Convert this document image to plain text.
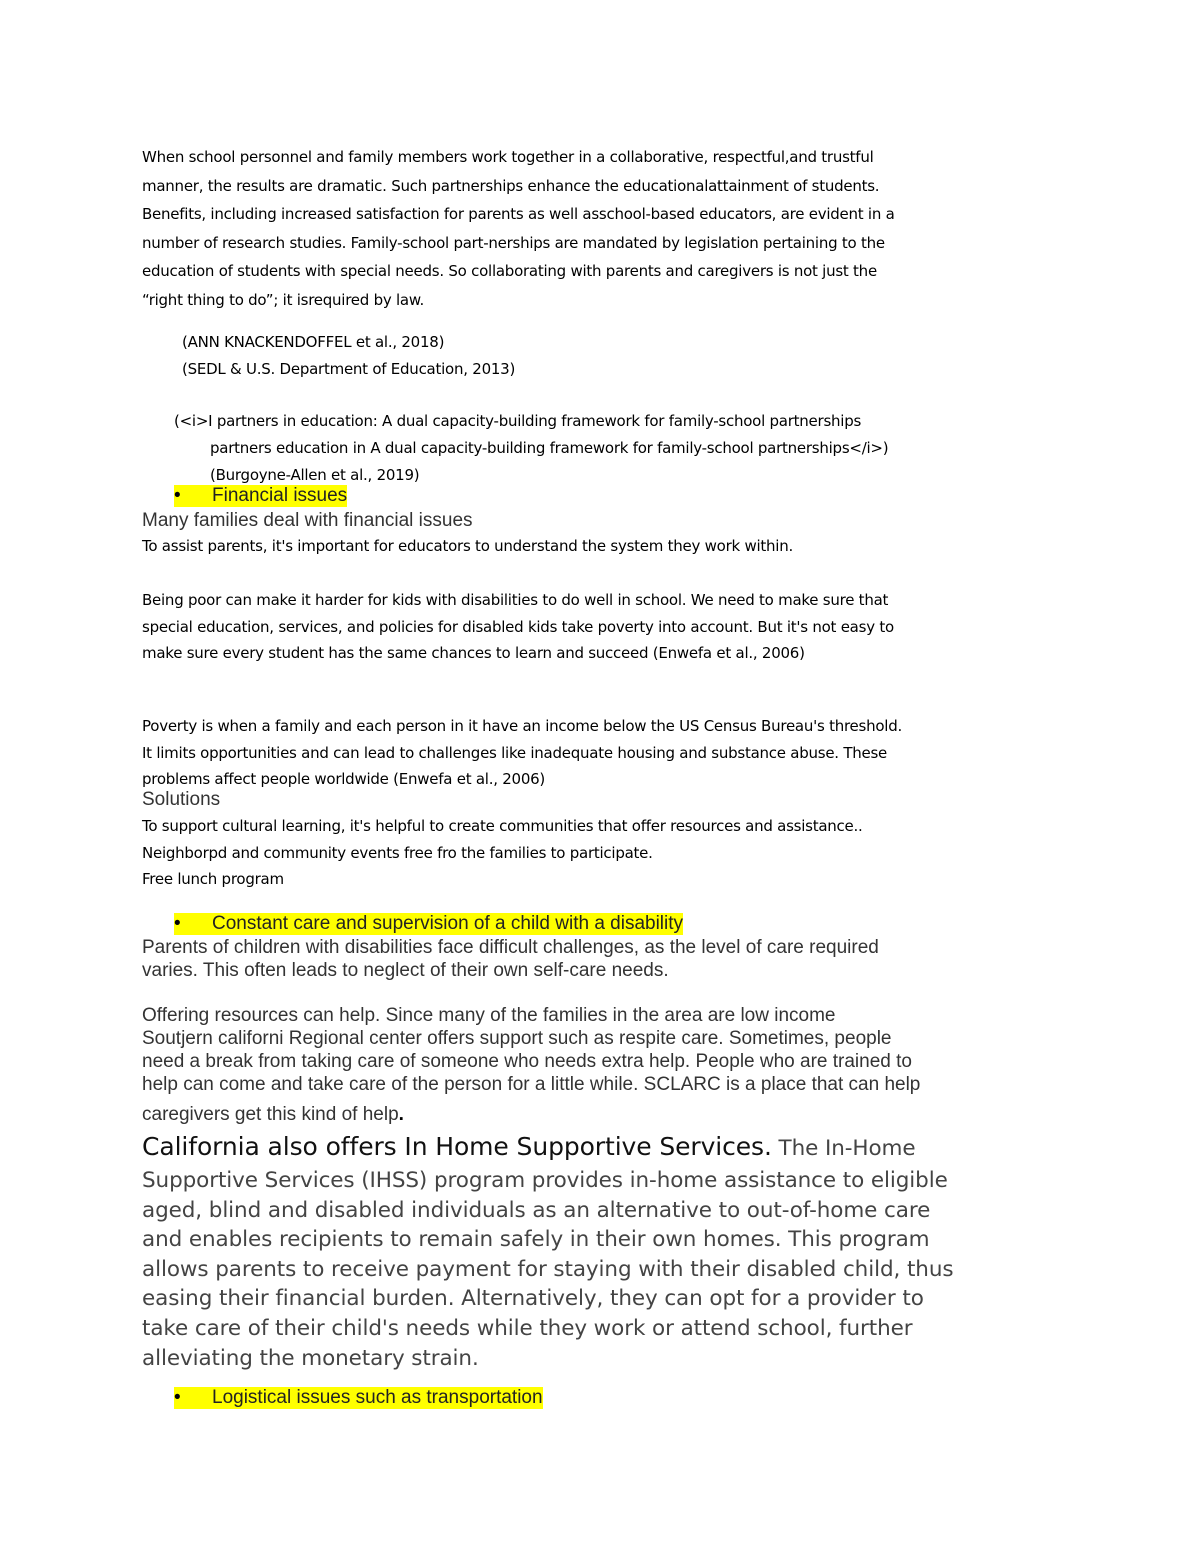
When school personnel and family members work together in a collaborative, respectful,and trustful

manner, the results are dramatic. Such partnerships enhance the educationalattainment of students.

Benefits, including increased satisfaction for parents as well asschool-based educators, are evident in a

number of research studies. Family-school part-nerships are mandated by legislation pertaining to the

education of students with special needs. So collaborating with parents and caregivers is not just the

“right thing to do”; it isrequired by law.

(ANN KNACKENDOFFEL et al., 2018)

(SEDL & U.S. Department of Education, 2013)

(<i>I partners in education: A dual capacity-building framework for family-school partnerships

partners education in A dual capacity-building framework for family-school partnerships</i>)

(Burgoyne-Allen et al., 2019)

•	Financial issues

Many families deal with financial issues

To assist parents, it's important for educators to understand the system they work within.

Being poor can make it harder for kids with disabilities to do well in school. We need to make sure that

special education, services, and policies for disabled kids take poverty into account. But it's not easy to

make sure every student has the same chances to learn and succeed (Enwefa et al., 2006)

Poverty is when a family and each person in it have an income below the US Census Bureau's threshold.

It limits opportunities and can lead to challenges like inadequate housing and substance abuse. These

problems affect people worldwide (Enwefa et al., 2006)

Solutions

To support cultural learning, it's helpful to create communities that offer resources and assistance..

Neighborpd and community events free fro the families to participate.

Free lunch program

•	Constant care and supervision of a child with a disability

Parents of children with disabilities face difficult challenges, as the level of care required

varies. This often leads to neglect of their own self-care needs.

Offering resources can help. Since many of the families in the area are low income

Soutjern californi Regional center offers support such as respite care. Sometimes, people

need a break from taking care of someone who needs extra help. People who are trained to

help can come and take care of the person for a little while. SCLARC is a place that can help

caregivers get this kind of help.

California also offers In Home Supportive Services. The In-Home

Supportive Services (IHSS) program provides in-home assistance to eligible

aged, blind and disabled individuals as an alternative to out-of-home care

and enables recipients to remain safely in their own homes. This program

allows parents to receive payment for staying with their disabled child, thus

easing their financial burden. Alternatively, they can opt for a provider to

take care of their child's needs while they work or attend school, further

alleviating the monetary strain.

•	Logistical issues such as transportation
